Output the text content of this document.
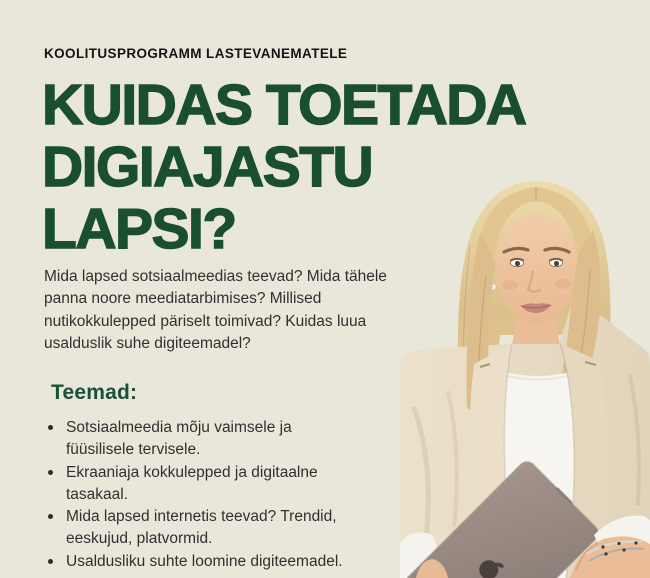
KOOLITUSPROGRAMM LASTEVANEMATELE
KUIDAS TOETADA
DIGIAJASTU
LAPSI?
Mida lapsed sotsiaalmeedias teevad? Mida tähele panna noore meediatarbimises? Millised nutikokkulepped päriselt toimivad? Kuidas luua usalduslik suhe digiteemadel?
Teemad:
Sotsiaalmeedia mõju vaimsele ja füüsilisele tervisele.
Ekraaniaja kokkulepped ja digitaalne tasakaal.
Mida lapsed internetis teevad? Trendid, eeskujud, platvormid.
Usaldusliku suhte loomine digiteemadel.
